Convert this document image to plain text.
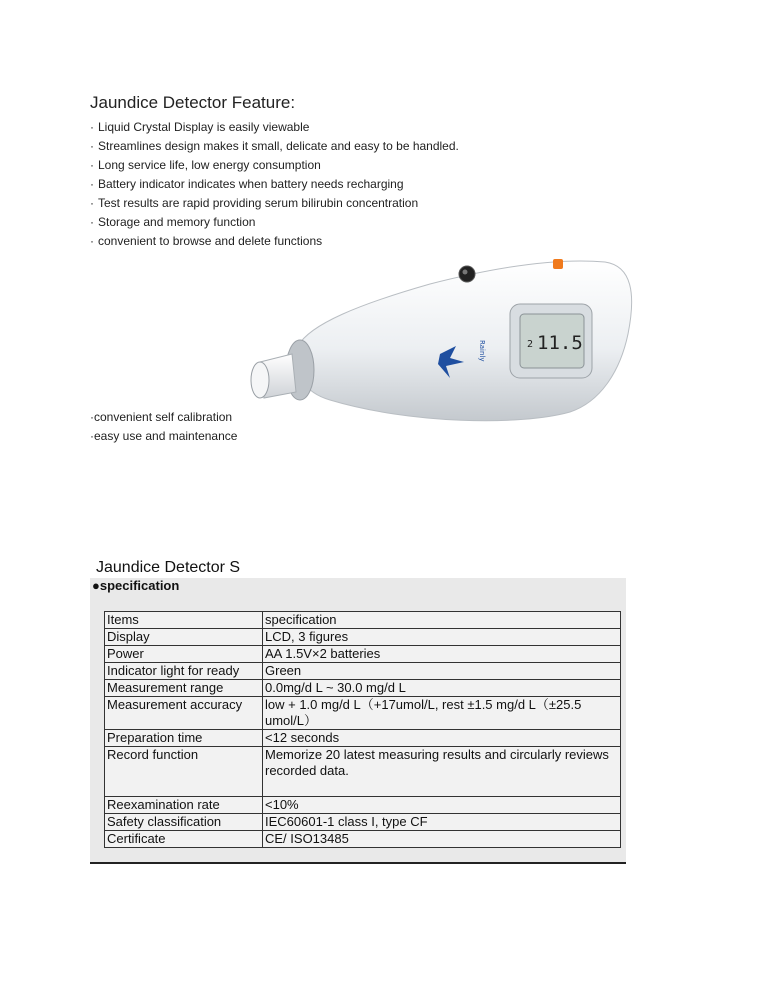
Jaundice Detector Feature:
· Liquid Crystal Display is easily viewable
· Streamlines design makes it small, delicate and easy to be handled.
· Long service life, low energy consumption
· Battery indicator indicates when battery needs recharging
· Test results are rapid providing serum bilirubin concentration
· Storage and memory function
· convenient to browse and delete functions
2 11.5
Rainly
·convenient self calibration
·easy use and maintenance
Jaundice Detector S
●specification
Items	specification
Display	LCD, 3 figures
Power	AA 1.5V×2 batteries
Indicator light for ready	Green
Measurement range	0.0mg/d L ~ 30.0 mg/d L
Measurement accuracy	low + 1.0 mg/d L（+17umol/L, rest ±1.5 mg/d L（±25.5 umol/L）
Preparation time	<12 seconds
Record function	Memorize 20 latest measuring results and circularly reviews recorded data.
Reexamination rate	<10%
Safety classification	IEC60601-1 class I, type CF
Certificate	CE/ ISO13485
